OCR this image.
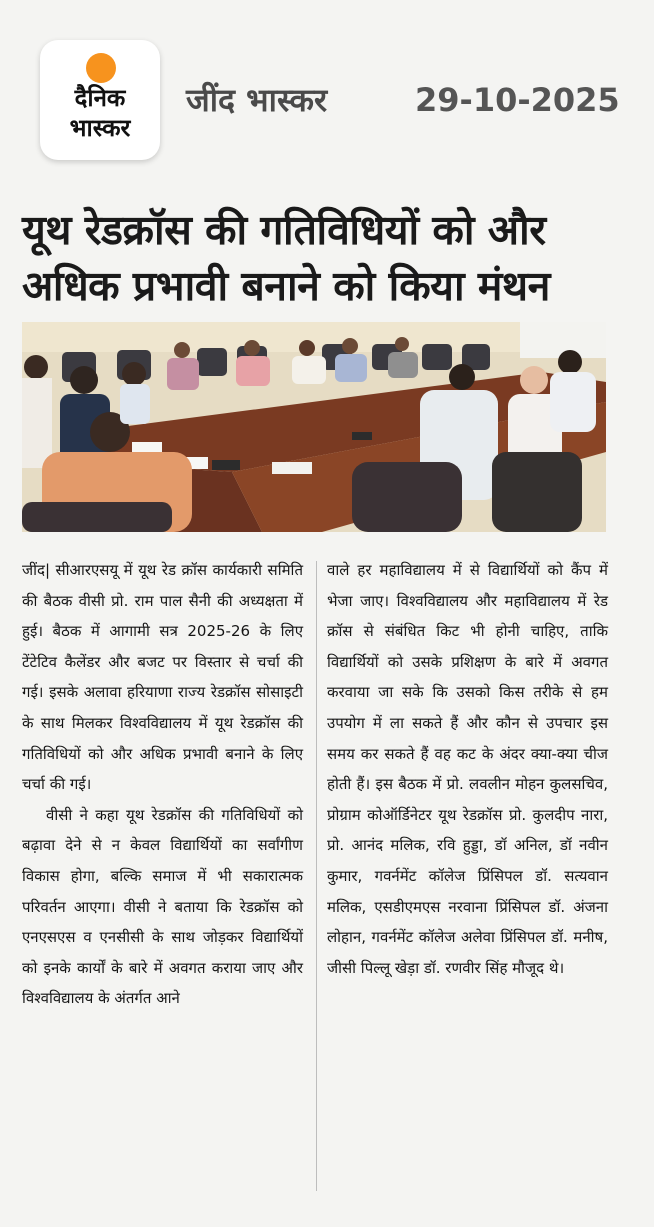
दैनिक
भास्कर
जींद भास्कर	29-10-2025
यूथ रेडक्रॉस की गतिविधियों को और अधिक प्रभावी बनाने को किया मंथन

जींद| सीआरएसयू में यूथ रेड क्रॉस कार्यकारी समिति की बैठक वीसी प्रो. राम पाल सैनी की अध्यक्षता में हुई। बैठक में आगामी सत्र 2025-26 के लिए टेंटेटिव कैलेंडर और बजट पर विस्तार से चर्चा की गई। इसके अलावा हरियाणा राज्य रेडक्रॉस सोसाइटी के साथ मिलकर विश्वविद्यालय में यूथ रेडक्रॉस की गतिविधियों को और अधिक प्रभावी बनाने के लिए चर्चा की गई।

वीसी ने कहा यूथ रेडक्रॉस की गतिविधियों को बढ़ावा देने से न केवल विद्यार्थियों का सर्वांगीण विकास होगा, बल्कि समाज में भी सकारात्मक परिवर्तन आएगा। वीसी ने बताया कि रेडक्रॉस को एनएसएस व एनसीसी के साथ जोड़कर विद्यार्थियों को इनके कार्यों के बारे में अवगत कराया जाए और विश्वविद्यालय के अंतर्गत आने

वाले हर महाविद्यालय में से विद्यार्थियों को कैंप में भेजा जाए। विश्वविद्यालय और महाविद्यालय में रेड क्रॉस से संबंधित किट भी होनी चाहिए, ताकि विद्यार्थियों को उसके प्रशिक्षण के बारे में अवगत करवाया जा सके कि उसको किस तरीके से हम उपयोग में ला सकते हैं और कौन से उपचार इस समय कर सकते हैं वह कट के अंदर क्या-क्या चीज होती हैं। इस बैठक में प्रो. लवलीन मोहन कुलसचिव, प्रोग्राम कोऑर्डिनेटर यूथ रेडक्रॉस प्रो. कुलदीप नारा, प्रो. आनंद मलिक, रवि हुड्डा, डॉ अनिल, डॉ नवीन कुमार, गवर्नमेंट कॉलेज प्रिंसिपल डॉ. सत्यवान मलिक, एसडीएमएस नरवाना प्रिंसिपल डॉ. अंजना लोहान, गवर्नमेंट कॉलेज अलेवा प्रिंसिपल डॉ. मनीष, जीसी पिल्लू खेड़ा डॉ. रणवीर सिंह मौजूद थे।
